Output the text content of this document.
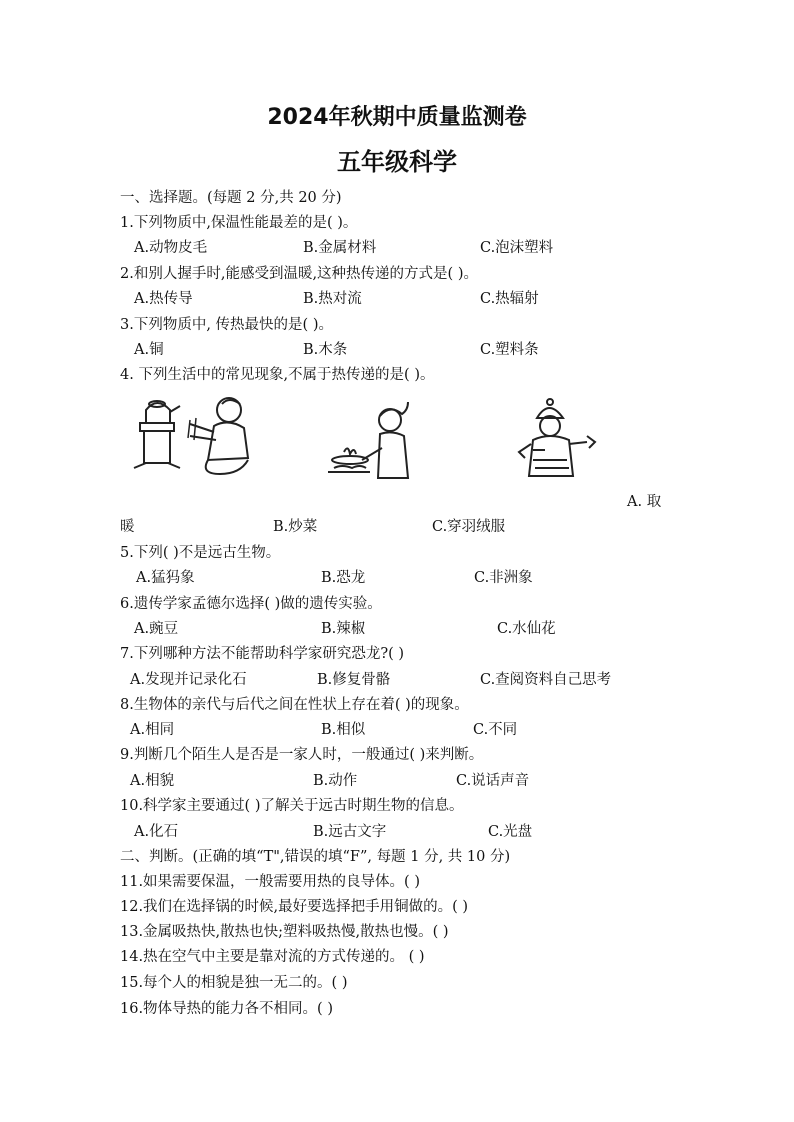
2024年秋期中质量监测卷
五年级科学
一、选择题。(每题 2 分,共 20 分)
1.下列物质中,保温性能最差的是( )。
A.动物皮毛	B.金属材料	C.泡沫塑料
2.和别人握手时,能感受到温暖,这种热传递的方式是( )。
A.热传导	B.热对流	C.热辐射
3.下列物质中, 传热最快的是( )。
A.铜	B.木条	C.塑料条
4. 下列生活中的常见现象,不属于热传递的是( )。
A. 取
暖	B.炒菜	C.穿羽绒服
5.下列( )不是远古生物。
A.猛犸象	B.恐龙	C.非洲象
6.遗传学家孟德尔选择( )做的遗传实验。
A.豌豆	B.辣椒	C.水仙花
7.下列哪种方法不能帮助科学家研究恐龙?( )
A.发现并记录化石	B.修复骨骼	C.查阅资料自己思考
8.生物体的亲代与后代之间在性状上存在着( )的现象。
A.相同	B.相似	C.不同
9.判断几个陌生人是否是一家人时，一般通过( )来判断。
A.相貌	B.动作	C.说话声音
10.科学家主要通过( )了解关于远古时期生物的信息。
A.化石	B.远古文字	C.光盘
二、判断。(正确的填“T",错误的填“F”, 每题 1 分, 共 10 分)
11.如果需要保温，一般需要用热的良导体。( )
12.我们在选择锅的时候,最好要选择把手用铜做的。( )
13.金属吸热快,散热也快;塑料吸热慢,散热也慢。( )
14.热在空气中主要是靠对流的方式传递的。 ( )
15.每个人的相貌是独一无二的。( )
16.物体导热的能力各不相同。( )
